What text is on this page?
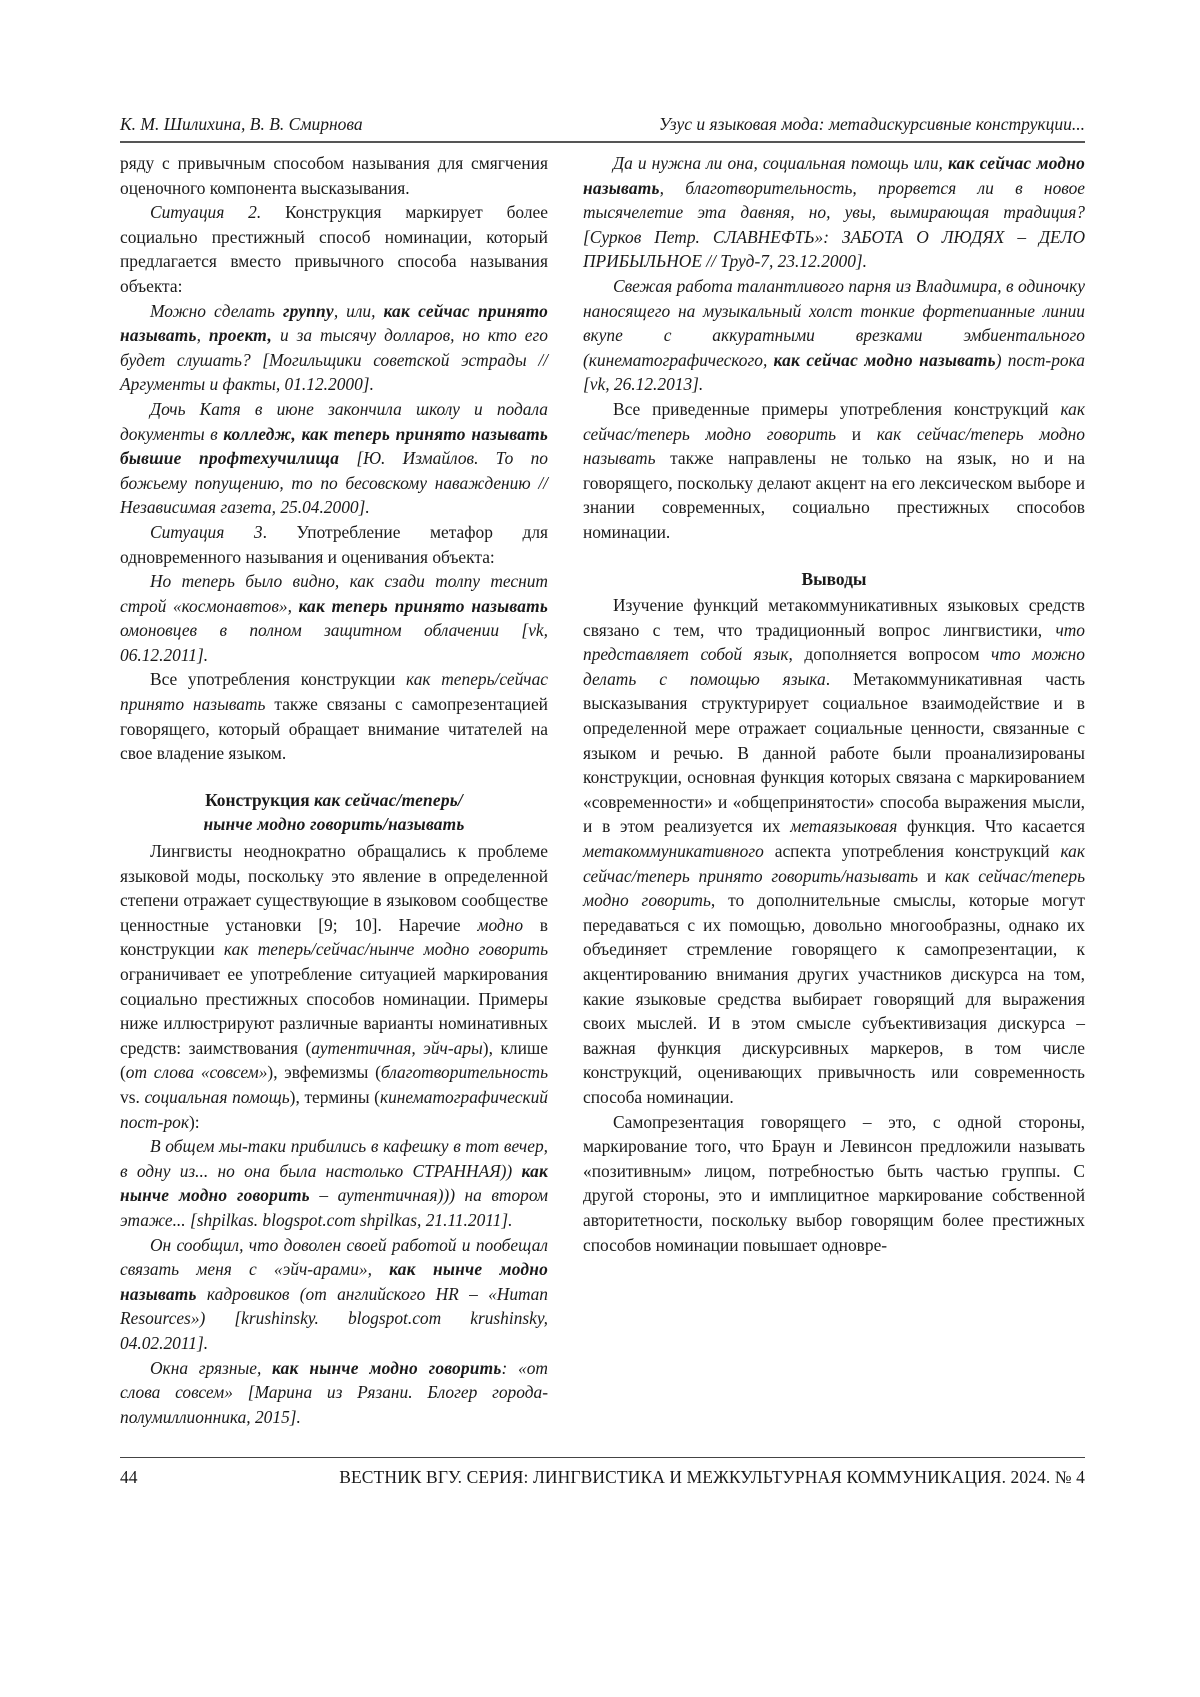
К. М. Шилихина, В. В. Смирнова	Узус и языковая мода: метадискурсивные конструкции...

ряду с привычным способом называния для смягчения оценочного компонента высказывания.

Ситуация 2. Конструкция маркирует более социально престижный способ номинации, который предлагается вместо привычного способа называния объекта:

Можно сделать группу, или, как сейчас принято называть, проект, и за тысячу долларов, но кто его будет слушать? [Могильщики советской эстрады // Аргументы и факты, 01.12.2000].

Дочь Катя в июне закончила школу и подала документы в колледж, как теперь принято называть бывшие профтехучилища [Ю. Измайлов. То по божьему попущению, то по бесовскому наваждению // Независимая газета, 25.04.2000].

Ситуация 3. Употребление метафор для одновременного называния и оценивания объекта:

Но теперь было видно, как сзади толпу теснит строй «космонавтов», как теперь принято называть омоновцев в полном защитном облачении [vk, 06.12.2011].

Все употребления конструкции как теперь/сейчас принято называть также связаны с самопрезентацией говорящего, который обращает внимание читателей на свое владение языком.

Конструкция как сейчас/теперь/
нынче модно говорить/называть

Лингвисты неоднократно обращались к проблеме языковой моды, поскольку это явление в определенной степени отражает существующие в языковом сообществе ценностные установки [9; 10]. Наречие модно в конструкции как теперь/сейчас/нынче модно говорить ограничивает ее употребление ситуацией маркирования социально престижных способов номинации. Примеры ниже иллюстрируют различные варианты номинативных средств: заимствования (аутентичная, эйч-ары), клише (от слова «совсем»), эвфемизмы (благотворительность vs. социальная помощь), термины (кинематографический пост-рок):

В общем мы-таки прибились в кафешку в тот вечер, в одну из... но она была настолько СТРАННАЯ)) как нынче модно говорить – аутентичная))) на втором этаже... [shpilkas. blogspot.com shpilkas, 21.11.2011].

Он сообщил, что доволен своей работой и пообещал связать меня с «эйч-арами», как нынче модно называть кадровиков (от английского HR – «Human Resources») [krushinsky. blogspot.com krushinsky, 04.02.2011].

Окна грязные, как нынче модно говорить: «от слова совсем» [Марина из Рязани. Блогер города-полумиллионника, 2015].

Да и нужна ли она, социальная помощь или, как сейчас модно называть, благотворительность, прорвется ли в новое тысячелетие эта давняя, но, увы, вымирающая традиция? [Сурков Петр. СЛАВНЕФТЬ»: ЗАБОТА О ЛЮДЯХ – ДЕЛО ПРИБЫЛЬНОЕ // Труд-7, 23.12.2000].

Свежая работа талантливого парня из Владимира, в одиночку наносящего на музыкальный холст тонкие фортепианные линии вкупе с аккуратными врезками эмбиентального (кинематографического, как сейчас модно называть) пост-рока [vk, 26.12.2013].

Все приведенные примеры употребления конструкций как сейчас/теперь модно говорить и как сейчас/теперь модно называть также направлены не только на язык, но и на говорящего, поскольку делают акцент на его лексическом выборе и знании современных, социально престижных способов номинации.

Выводы

Изучение функций метакоммуникативных языковых средств связано с тем, что традиционный вопрос лингвистики, что представляет собой язык, дополняется вопросом что можно делать с помощью языка. Метакоммуникативная часть высказывания структурирует социальное взаимодействие и в определенной мере отражает социальные ценности, связанные с языком и речью. В данной работе были проанализированы конструкции, основная функция которых связана с маркированием «современности» и «общепринятости» способа выражения мысли, и в этом реализуется их метаязыковая функция. Что касается метакоммуникативного аспекта употребления конструкций как сейчас/теперь принято говорить/называть и как сейчас/теперь модно говорить, то дополнительные смыслы, которые могут передаваться с их помощью, довольно многообразны, однако их объединяет стремление говорящего к самопрезентации, к акцентированию внимания других участников дискурса на том, какие языковые средства выбирает говорящий для выражения своих мыслей. И в этом смысле субъективизация дискурса – важная функция дискурсивных маркеров, в том числе конструкций, оценивающих привычность или современность способа номинации.

Самопрезентация говорящего – это, с одной стороны, маркирование того, что Браун и Левинсон предложили называть «позитивным» лицом, потребностью быть частью группы. С другой стороны, это и имплицитное маркирование собственной авторитетности, поскольку выбор говорящим более престижных способов номинации повышает одновре-

44	ВЕСТНИК ВГУ. СЕРИЯ: ЛИНГВИСТИКА И МЕЖКУЛЬТУРНАЯ КОММУНИКАЦИЯ. 2024. № 4
